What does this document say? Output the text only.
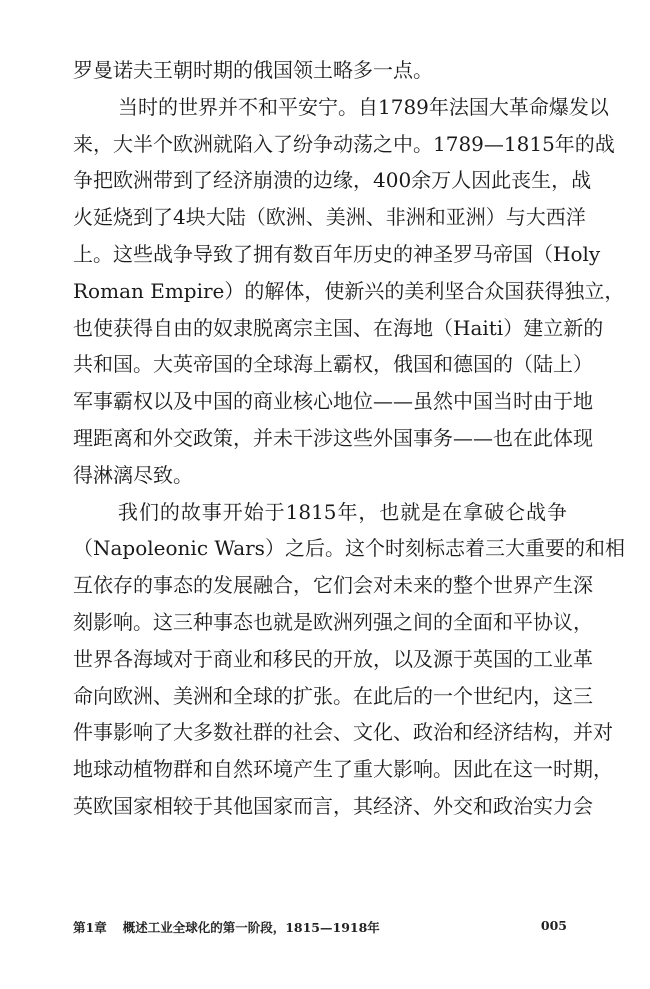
罗曼诺夫王朝时期的俄国领土略多一点。
当时的世界并不和平安宁。自1789年法国大革命爆发以
来，大半个欧洲就陷入了纷争动荡之中。1789—1815年的战
争把欧洲带到了经济崩溃的边缘，400余万人因此丧生，战
火延烧到了4块大陆（欧洲、美洲、非洲和亚洲）与大西洋
上。这些战争导致了拥有数百年历史的神圣罗马帝国（Holy
Roman Empire）的解体，使新兴的美利坚合众国获得独立，
也使获得自由的奴隶脱离宗主国、在海地（Haiti）建立新的
共和国。大英帝国的全球海上霸权，俄国和德国的（陆上）
军事霸权以及中国的商业核心地位——虽然中国当时由于地
理距离和外交政策，并未干涉这些外国事务——也在此体现
得淋漓尽致。
我们的故事开始于1815年，也就是在拿破仑战争
（Napoleonic Wars）之后。这个时刻标志着三大重要的和相
互依存的事态的发展融合，它们会对未来的整个世界产生深
刻影响。这三种事态也就是欧洲列强之间的全面和平协议，
世界各海域对于商业和移民的开放，以及源于英国的工业革
命向欧洲、美洲和全球的扩张。在此后的一个世纪内，这三
件事影响了大多数社群的社会、文化、政治和经济结构，并对
地球动植物群和自然环境产生了重大影响。因此在这一时期，
英欧国家相较于其他国家而言，其经济、外交和政治实力会
第1章 概述工业全球化的第一阶段，1815—1918年	005
